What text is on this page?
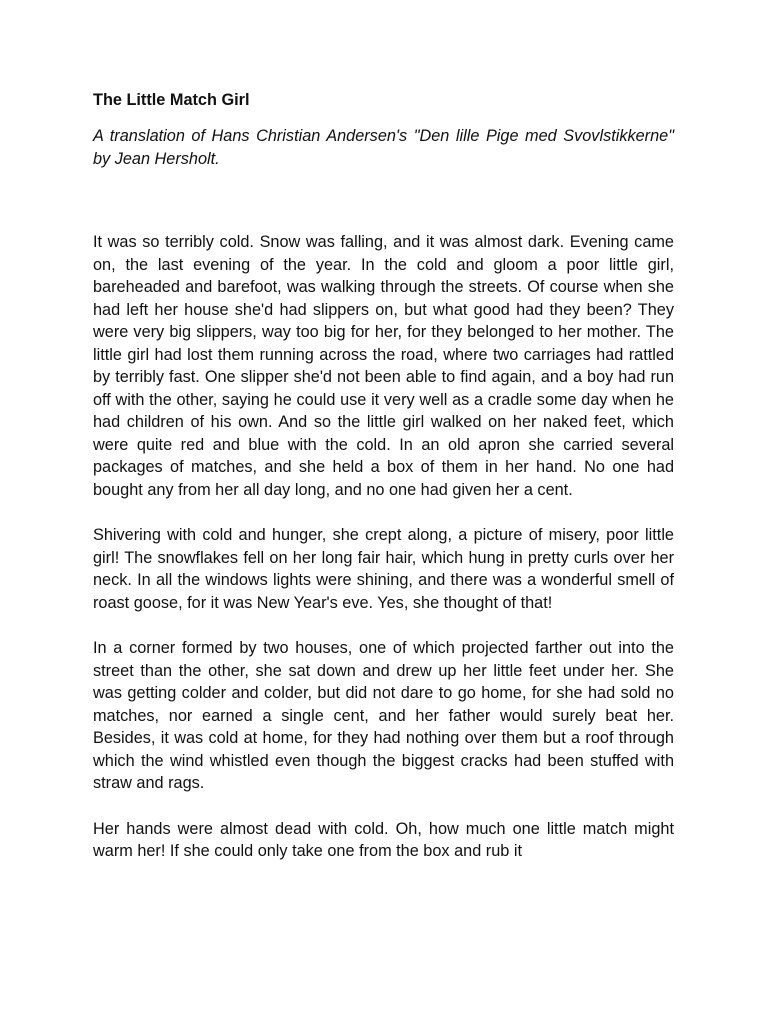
The Little Match Girl
A translation of Hans Christian Andersen's "Den lille Pige med Svovlstikkerne" by Jean Hersholt.

It was so terribly cold. Snow was falling, and it was almost dark. Evening came on, the last evening of the year. In the cold and gloom a poor little girl, bareheaded and barefoot, was walking through the streets. Of course when she had left her house she'd had slippers on, but what good had they been? They were very big slippers, way too big for her, for they belonged to her mother. The little girl had lost them running across the road, where two carriages had rattled by terribly fast. One slipper she'd not been able to find again, and a boy had run off with the other, saying he could use it very well as a cradle some day when he had children of his own. And so the little girl walked on her naked feet, which were quite red and blue with the cold. In an old apron she carried several packages of matches, and she held a box of them in her hand. No one had bought any from her all day long, and no one had given her a cent.

Shivering with cold and hunger, she crept along, a picture of misery, poor little girl! The snowflakes fell on her long fair hair, which hung in pretty curls over her neck. In all the windows lights were shining, and there was a wonderful smell of roast goose, for it was New Year's eve. Yes, she thought of that!

In a corner formed by two houses, one of which projected farther out into the street than the other, she sat down and drew up her little feet under her. She was getting colder and colder, but did not dare to go home, for she had sold no matches, nor earned a single cent, and her father would surely beat her. Besides, it was cold at home, for they had nothing over them but a roof through which the wind whistled even though the biggest cracks had been stuffed with straw and rags.

Her hands were almost dead with cold. Oh, how much one little match might warm her! If she could only take one from the box and rub it
